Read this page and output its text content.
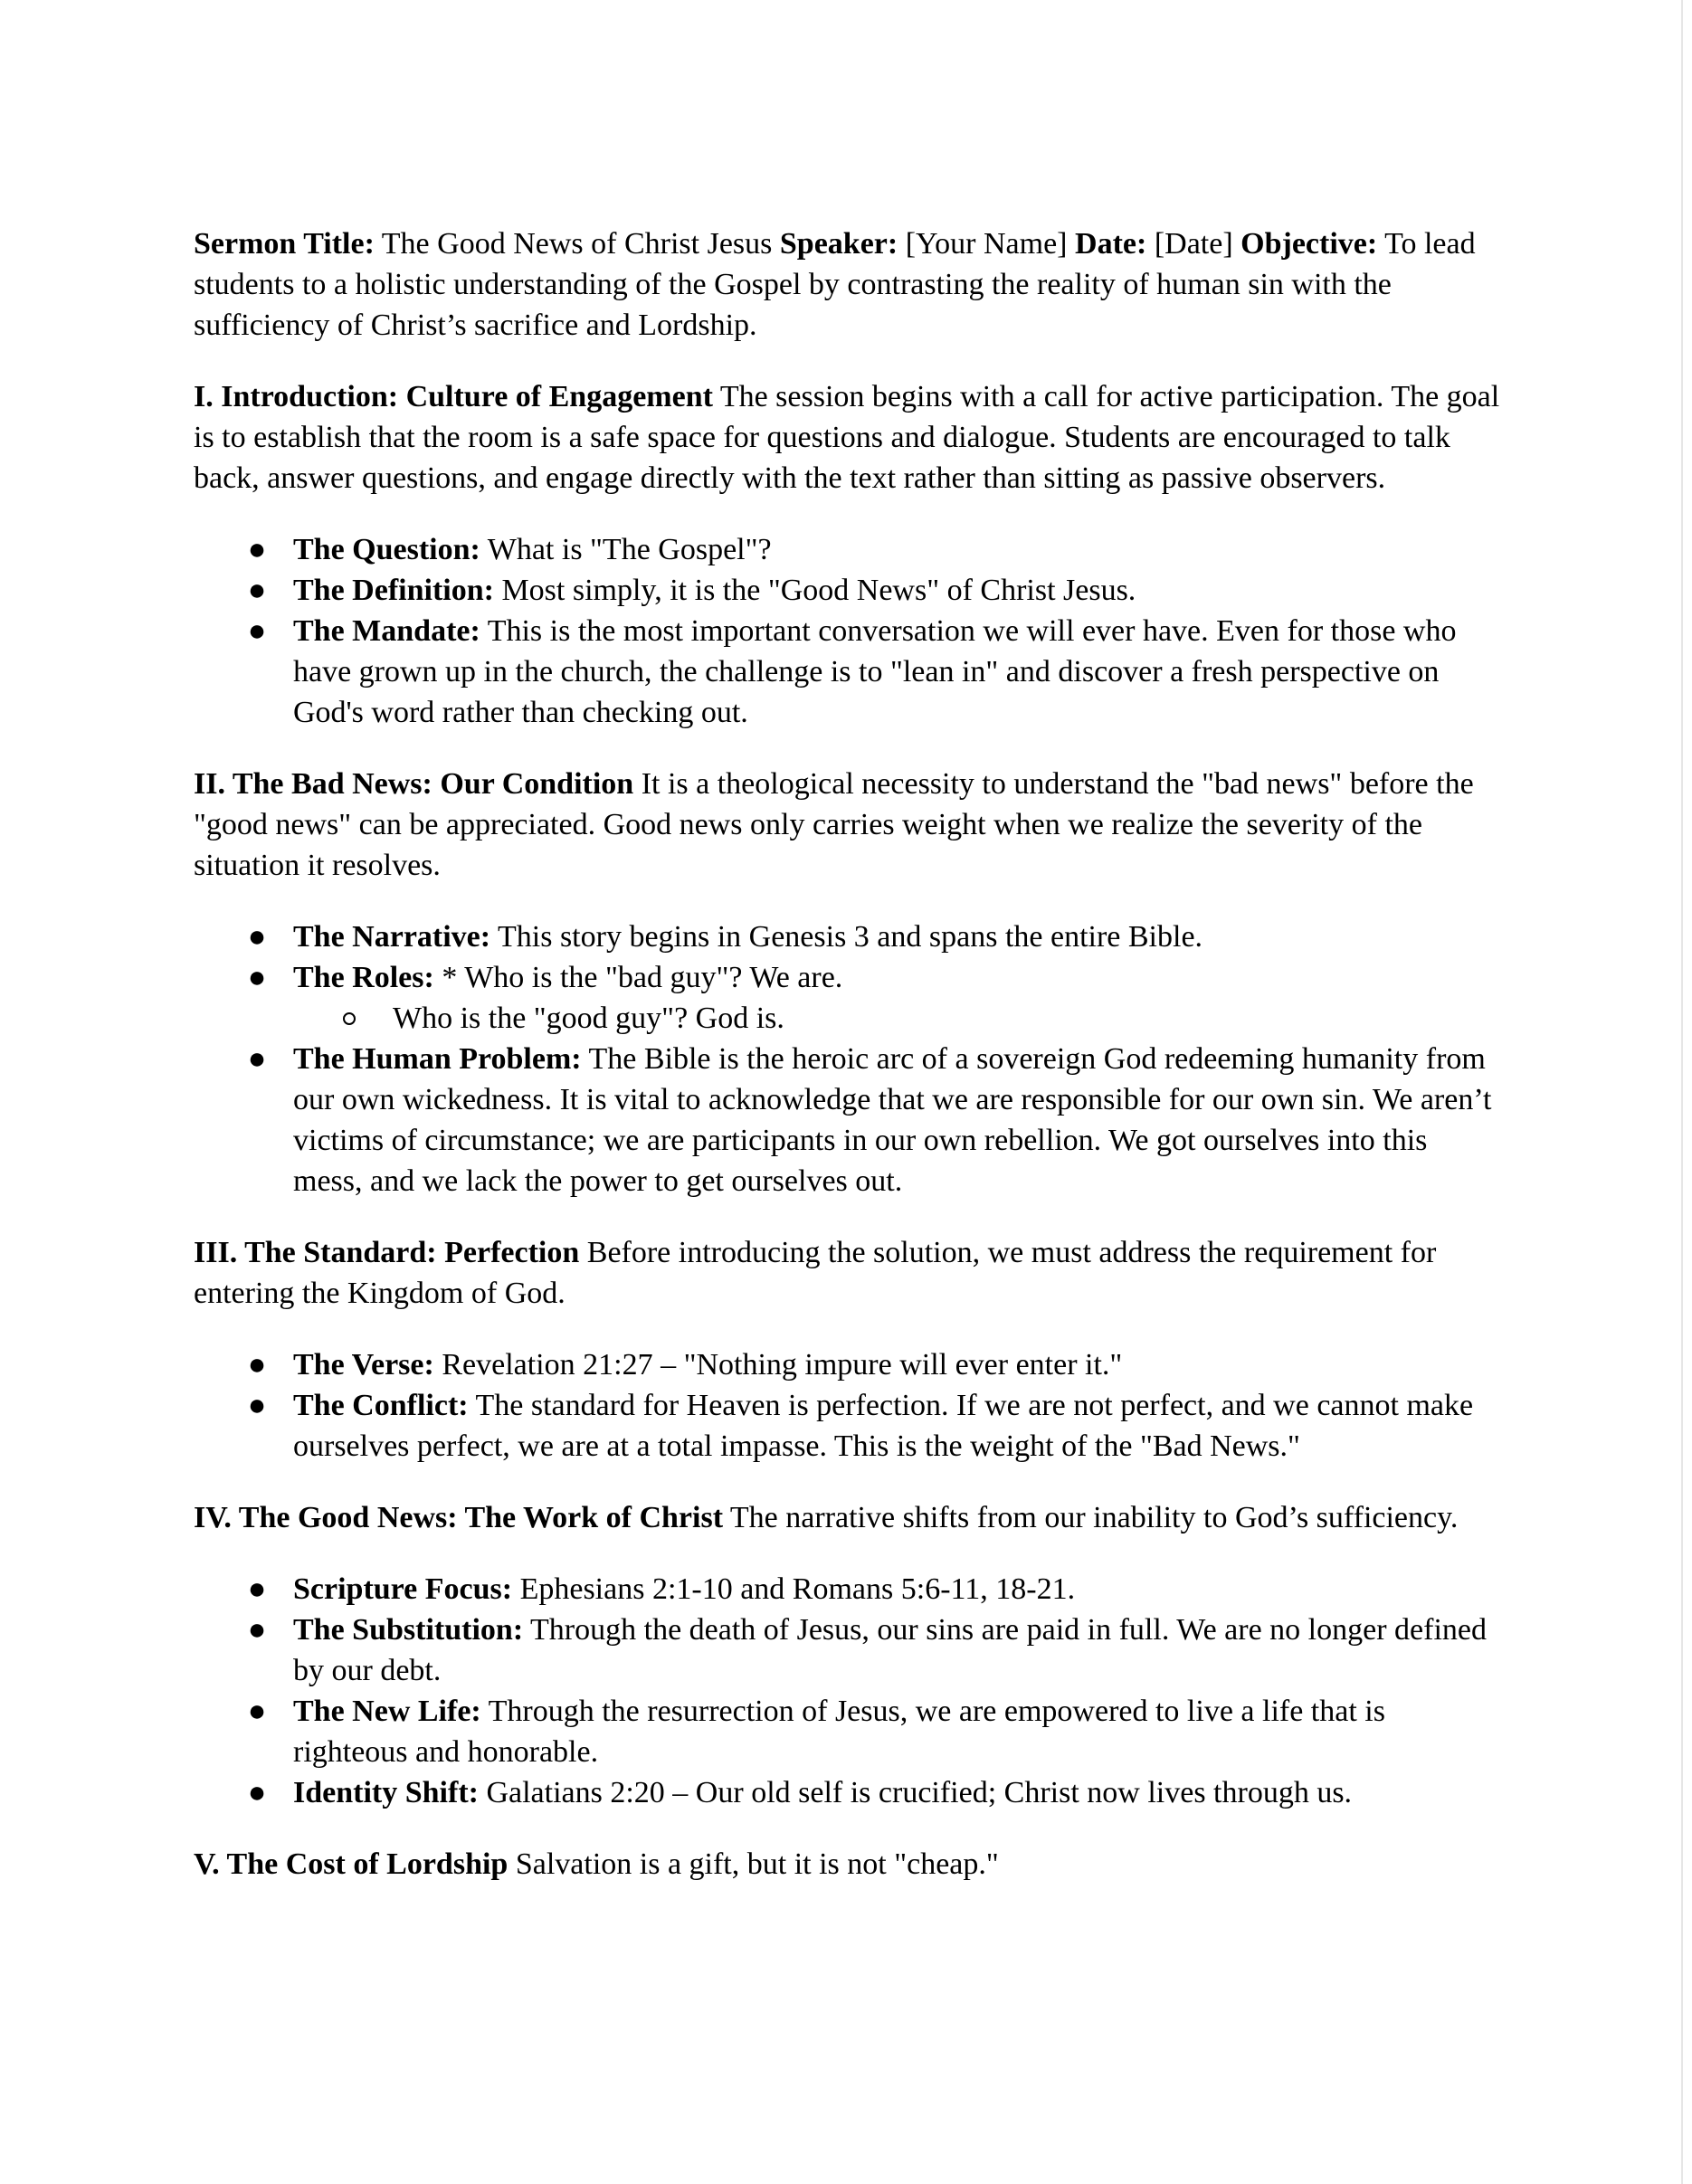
Sermon Title: The Good News of Christ Jesus Speaker: [Your Name] Date: [Date] Objective: To lead students to a holistic understanding of the Gospel by contrasting the reality of human sin with the sufficiency of Christ’s sacrifice and Lordship.

I. Introduction: Culture of Engagement The session begins with a call for active participation. The goal is to establish that the room is a safe space for questions and dialogue. Students are encouraged to talk back, answer questions, and engage directly with the text rather than sitting as passive observers.

● The Question: What is "The Gospel"?
● The Definition: Most simply, it is the "Good News" of Christ Jesus.
● The Mandate: This is the most important conversation we will ever have. Even for those who have grown up in the church, the challenge is to "lean in" and discover a fresh perspective on God's word rather than checking out.

II. The Bad News: Our Condition It is a theological necessity to understand the "bad news" before the "good news" can be appreciated. Good news only carries weight when we realize the severity of the situation it resolves.

● The Narrative: This story begins in Genesis 3 and spans the entire Bible.
● The Roles: * Who is the "bad guy"? We are.
Who is the "good guy"? God is.
● The Human Problem: The Bible is the heroic arc of a sovereign God redeeming humanity from our own wickedness. It is vital to acknowledge that we are responsible for our own sin. We aren’t victims of circumstance; we are participants in our own rebellion. We got ourselves into this mess, and we lack the power to get ourselves out.

III. The Standard: Perfection Before introducing the solution, we must address the requirement for entering the Kingdom of God.

● The Verse: Revelation 21:27 – "Nothing impure will ever enter it."
● The Conflict: The standard for Heaven is perfection. If we are not perfect, and we cannot make ourselves perfect, we are at a total impasse. This is the weight of the "Bad News."

IV. The Good News: The Work of Christ The narrative shifts from our inability to God’s sufficiency.

● Scripture Focus: Ephesians 2:1-10 and Romans 5:6-11, 18-21.
● The Substitution: Through the death of Jesus, our sins are paid in full. We are no longer defined by our debt.
● The New Life: Through the resurrection of Jesus, we are empowered to live a life that is righteous and honorable.
● Identity Shift: Galatians 2:20 – Our old self is crucified; Christ now lives through us.

V. The Cost of Lordship Salvation is a gift, but it is not "cheap."
